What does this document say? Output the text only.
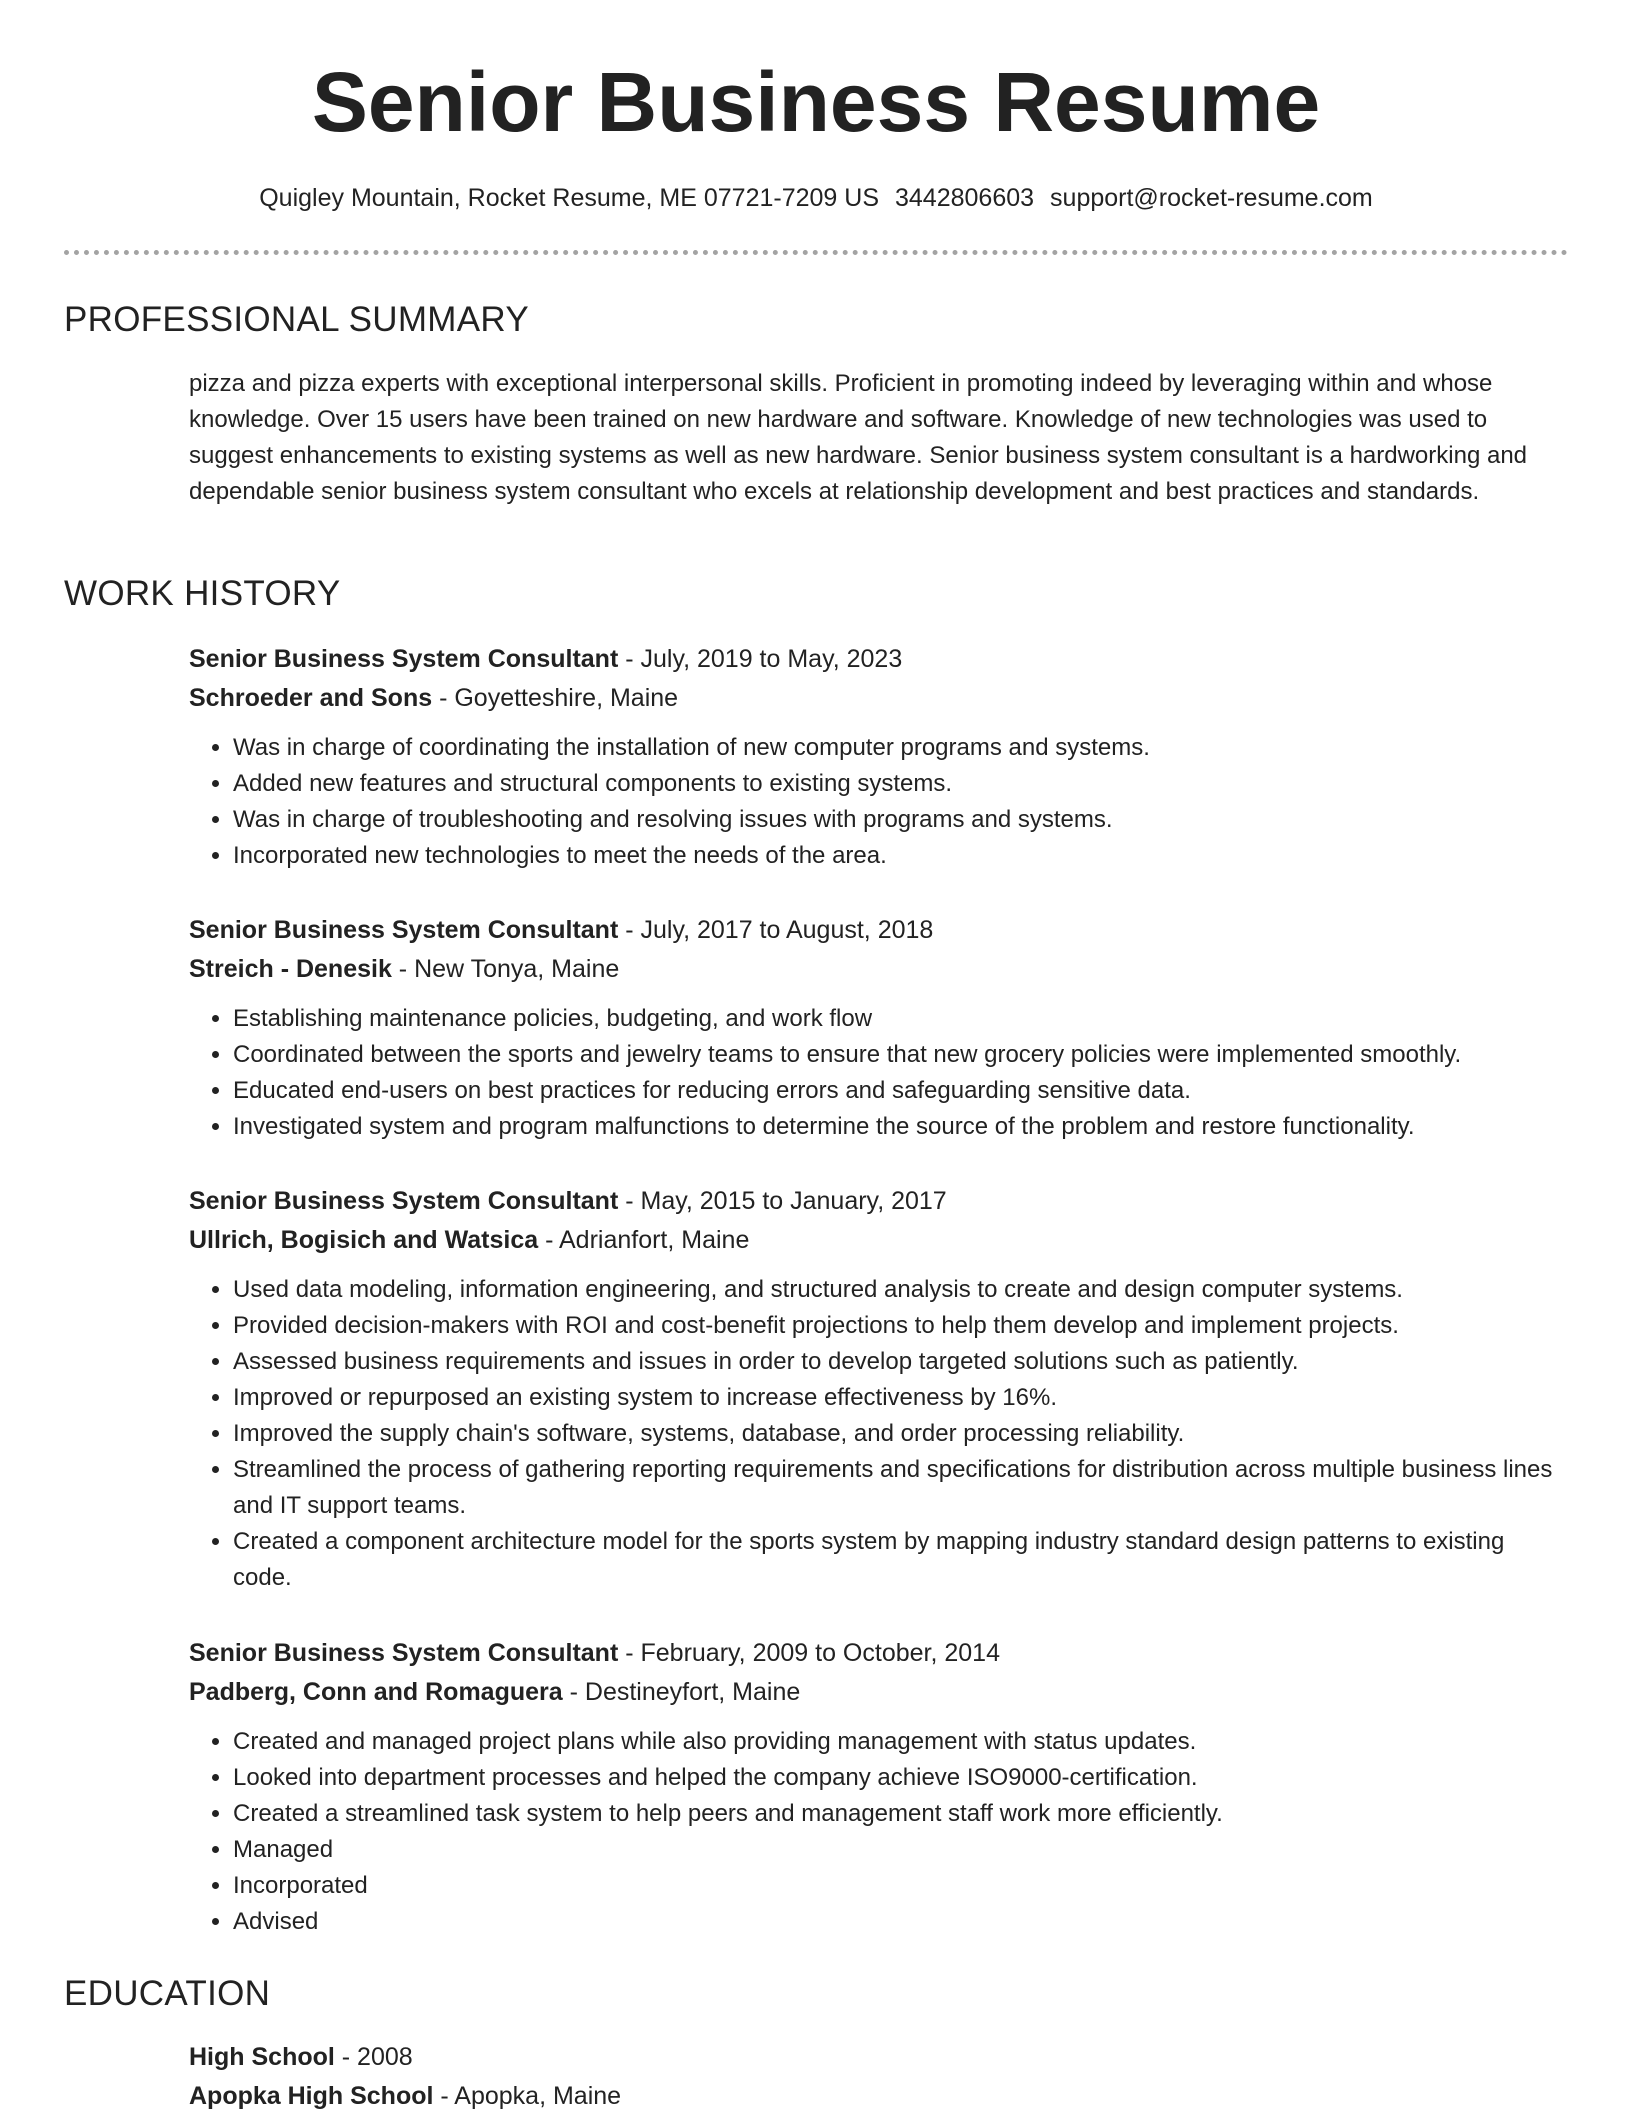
Senior Business Resume
Quigley Mountain, Rocket Resume, ME 07721-7209 US 3442806603 support@rocket-resume.com
PROFESSIONAL SUMMARY
pizza and pizza experts with exceptional interpersonal skills. Proficient in promoting indeed by leveraging within and whose knowledge. Over 15 users have been trained on new hardware and software. Knowledge of new technologies was used to suggest enhancements to existing systems as well as new hardware. Senior business system consultant is a hardworking and dependable senior business system consultant who excels at relationship development and best practices and standards.
WORK HISTORY
Senior Business System Consultant - July, 2019 to May, 2023
Schroeder and Sons - Goyetteshire, Maine
• Was in charge of coordinating the installation of new computer programs and systems.
• Added new features and structural components to existing systems.
• Was in charge of troubleshooting and resolving issues with programs and systems.
• Incorporated new technologies to meet the needs of the area.
Senior Business System Consultant - July, 2017 to August, 2018
Streich - Denesik - New Tonya, Maine
• Establishing maintenance policies, budgeting, and work flow
• Coordinated between the sports and jewelry teams to ensure that new grocery policies were implemented smoothly.
• Educated end-users on best practices for reducing errors and safeguarding sensitive data.
• Investigated system and program malfunctions to determine the source of the problem and restore functionality.
Senior Business System Consultant - May, 2015 to January, 2017
Ullrich, Bogisich and Watsica - Adrianfort, Maine
• Used data modeling, information engineering, and structured analysis to create and design computer systems.
• Provided decision-makers with ROI and cost-benefit projections to help them develop and implement projects.
• Assessed business requirements and issues in order to develop targeted solutions such as patiently.
• Improved or repurposed an existing system to increase effectiveness by 16%.
• Improved the supply chain's software, systems, database, and order processing reliability.
• Streamlined the process of gathering reporting requirements and specifications for distribution across multiple business lines and IT support teams.
• Created a component architecture model for the sports system by mapping industry standard design patterns to existing code.
Senior Business System Consultant - February, 2009 to October, 2014
Padberg, Conn and Romaguera - Destineyfort, Maine
• Created and managed project plans while also providing management with status updates.
• Looked into department processes and helped the company achieve ISO9000-certification.
• Created a streamlined task system to help peers and management staff work more efficiently.
• Managed
• Incorporated
• Advised
EDUCATION
High School - 2008
Apopka High School - Apopka, Maine
